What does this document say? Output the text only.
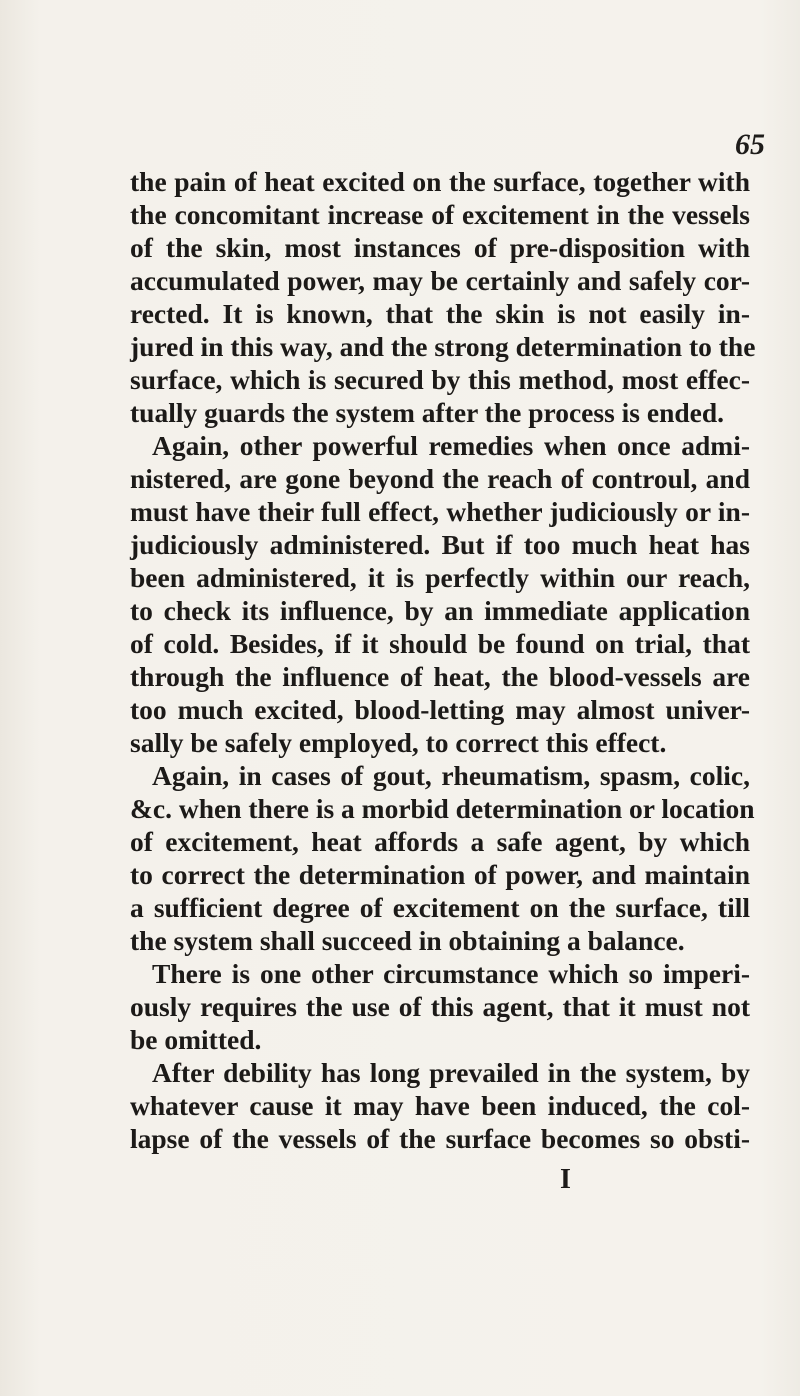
65
the pain of heat excited on the surface, together with
the concomitant increase of excitement in the vessels
of the skin, most instances of pre-disposition with
accumulated power, may be certainly and safely cor-
rected. It is known, that the skin is not easily in-
jured in this way, and the strong determination to the
surface, which is secured by this method, most effec-
tually guards the system after the process is ended.
Again, other powerful remedies when once admi-
nistered, are gone beyond the reach of controul, and
must have their full effect, whether judiciously or in-
judiciously administered. But if too much heat has
been administered, it is perfectly within our reach,
to check its influence, by an immediate application
of cold. Besides, if it should be found on trial, that
through the influence of heat, the blood-vessels are
too much excited, blood-letting may almost univer-
sally be safely employed, to correct this effect.
Again, in cases of gout, rheumatism, spasm, colic,
&c. when there is a morbid determination or location
of excitement, heat affords a safe agent, by which
to correct the determination of power, and maintain
a sufficient degree of excitement on the surface, till
the system shall succeed in obtaining a balance.
There is one other circumstance which so imperi-
ously requires the use of this agent, that it must not
be omitted.
After debility has long prevailed in the system, by
whatever cause it may have been induced, the col-
lapse of the vessels of the surface becomes so obsti-
I
